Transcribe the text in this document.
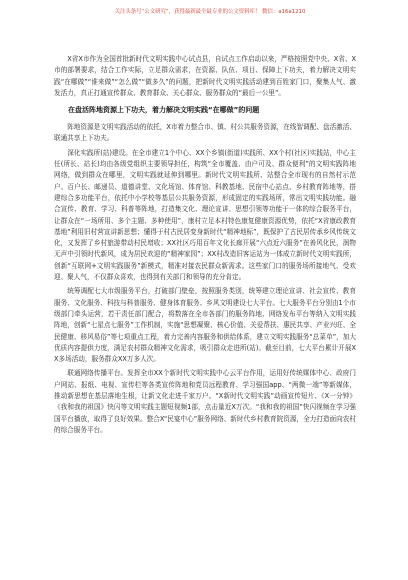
关注头条号“公文研究”，获得最新最全最专业的公文资料库！ 微信：a16a1210

X省X市作为全国首批新时代文明实践中心试点县，自试点工作启动以来，严格按照党中央、X省、X市的部署要求，结合工作实际，立足群众需求，在资源、队伍、项目、保障上下功夫，着力解决文明实践“在哪做”“谁来做”“怎么做”“做多久”的问题，把新时代文明实践活动建到百姓家门口，聚集人气、激发活力，真正打通宣传群众、教育群众、关心群众、服务群众的“最后一公里”。

在盘活阵地资源上下功夫，着力解决文明实践“在哪做”的问题

阵地资源是文明实践活动的依托，X市着力整合市、镇、村公共服务资源，在线智调配、盘活激活、联通共享上下功夫。

深化实践所(站)建设。在全市建立1个中心、XX个乡镇(街道)实践所、XX个村(社区)实践站，中心主任(所长、站长)均由各级党组织主要领导担任，构筑“全市覆盖、由户可及、群众便利”的文明实践阵地网络，做到群众在哪里，文明实践就延伸到哪里。新时代文明实践所、站整合全市现有的自然村示范户、百户长、邮递员、道德讲堂、文化场馆、体育馆、科教基地、民宿中心站点、乡村教育阵地等，搭建综合多功能平台，依托中小学校等基层公共服务资源，形成固定的实践场所，常出文明实践功能。融合宣传、教育、学习、科普等阵地，打造集文化、理论宣讲、思想引领等功能于一体的综合服务平台，让群众在“一场所用、多个主题、多种使用”，康村立足本村特色康复健康资源优势，依托“X省康政教育基地”利用旧村营宣讲新思想；懂得于村古民居变身新时代“精神地标”，既保护了古民居传承乡风传统文化，又发挥了乡村旅游带动村民增收；XX社区巧用百年文化长廊开展“六点近六服务”在善风化民，润物无声中引领时代新风，成为居民欢迎的“精神家园”；XX村改造旧客运站为一体成立新时代文明实践所，创新“互联网+文明实践服务”新模式，精准对接农民群众新需求。这些家门口的服务场所接地气、受欢迎、聚人气，不仅群众喜欢，也得到有关部门和领导的充分肯定。

统筹调配七大市级服务平台，打破部门壁垒，按照服务类别，统筹建立理论宣讲、社会宣传、教育服务、文化服务、科技与科普服务、健身体育服务、乡风文明建设七大平台。七大服务平台分别由1个市级部门牵头运营，若干责任部门配合，将数落在全市各部门的服务阵地、网络发布平台等纳入文明实践阵地，创新“七星点七服务”工作机制，实施“思想凝聚、核心价值、关爱帮扶、惠民共享、产业兴旺、全民健康、移风易俗”等七项重点工程，着力完善内容服务和供给体系，建立文明实践服务“总菜单”，加大优质内容提供力度，满足农村群众精神文化需求，吸引群众走进所(站)。截至目前，七大平台累计开展XX多场活动，服务群众XX万多人次。

联通网络传播平台。发挥全市XX个新时代文明实践中心云平台作用，运用好传统媒体中心、政府门户网站、报纸、电视、宣传栏等各类宣传阵地和党员远程教育、学习强国app、“两微一端”等新媒体，推动新思想在基层落地生根，让新文化走进千家万户。“X新时代文明实践”动画宣传短片、《X一分钟》《我和我的祖国》快闪等文明实践主题短视频1部，点击量近X万次。“我和我的祖国”快闪视频在学习强国平台播放，取得了良好效果。整合X“民宴中心”服务网络、新时代乡村教育院资源，全力打造面向农村的综合服务平台。
